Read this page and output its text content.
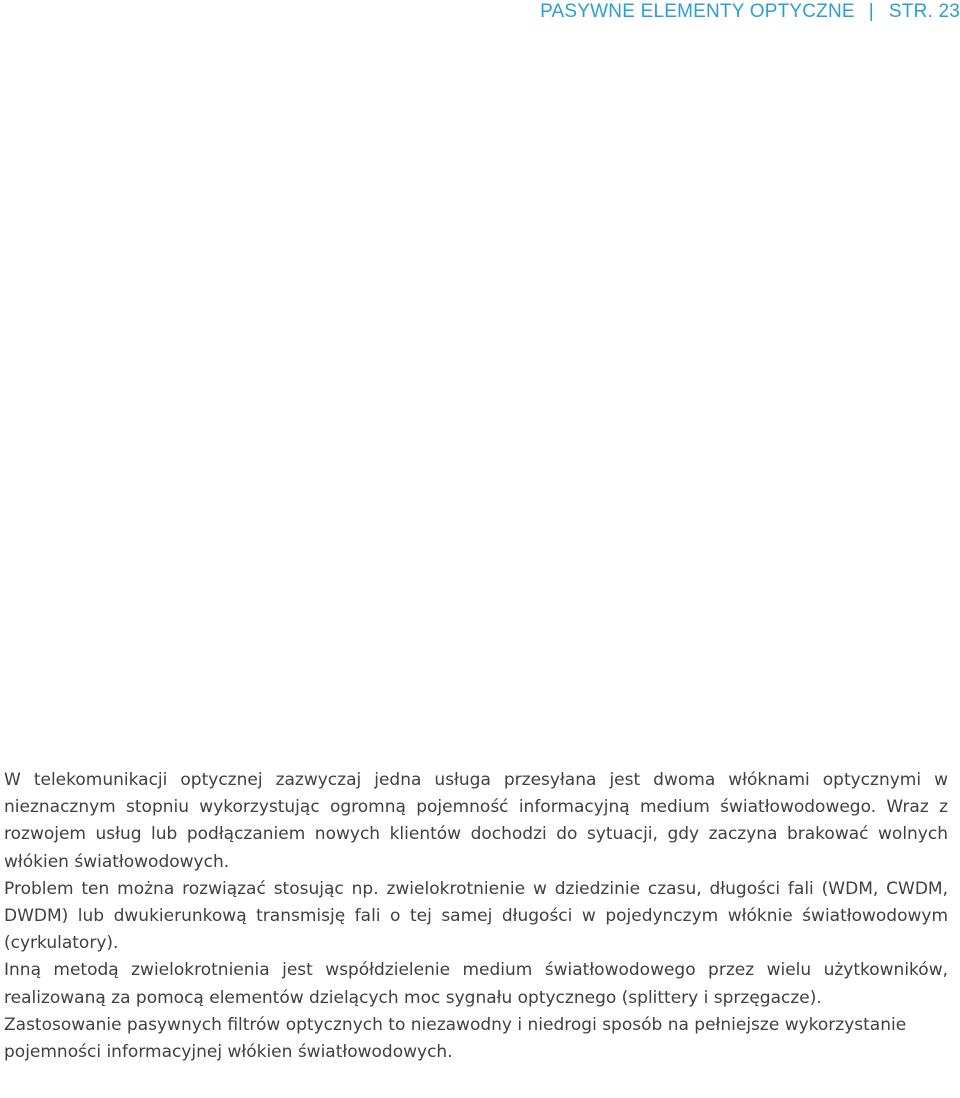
PASYWNE ELEMENTY OPTYCZNE | STR. 23

W telekomunikacji optycznej zazwyczaj jedna usługa przesyłana jest dwoma włóknami optycznymi w nieznacznym stopniu wykorzystując ogromną pojemność informacyjną medium światłowodowego. Wraz z rozwojem usług lub podłączaniem nowych klientów dochodzi do sytuacji, gdy zaczyna brakować wolnych włókien światłowodowych.

Problem ten można rozwiązać stosując np. zwielokrotnienie w dziedzinie czasu, długości fali (WDM, CWDM, DWDM) lub dwukierunkową transmisję fali o tej samej długości w pojedynczym włóknie światłowodowym (cyrkulatory).

Inną metodą zwielokrotnienia jest współdzielenie medium światłowodowego przez wielu użytkowników, realizowaną za pomocą elementów dzielących moc sygnału optycznego (splittery i sprzęgacze).

Zastosowanie pasywnych filtrów optycznych to niezawodny i niedrogi sposób na pełniejsze wykorzystanie pojemności informacyjnej włókien światłowodowych.
